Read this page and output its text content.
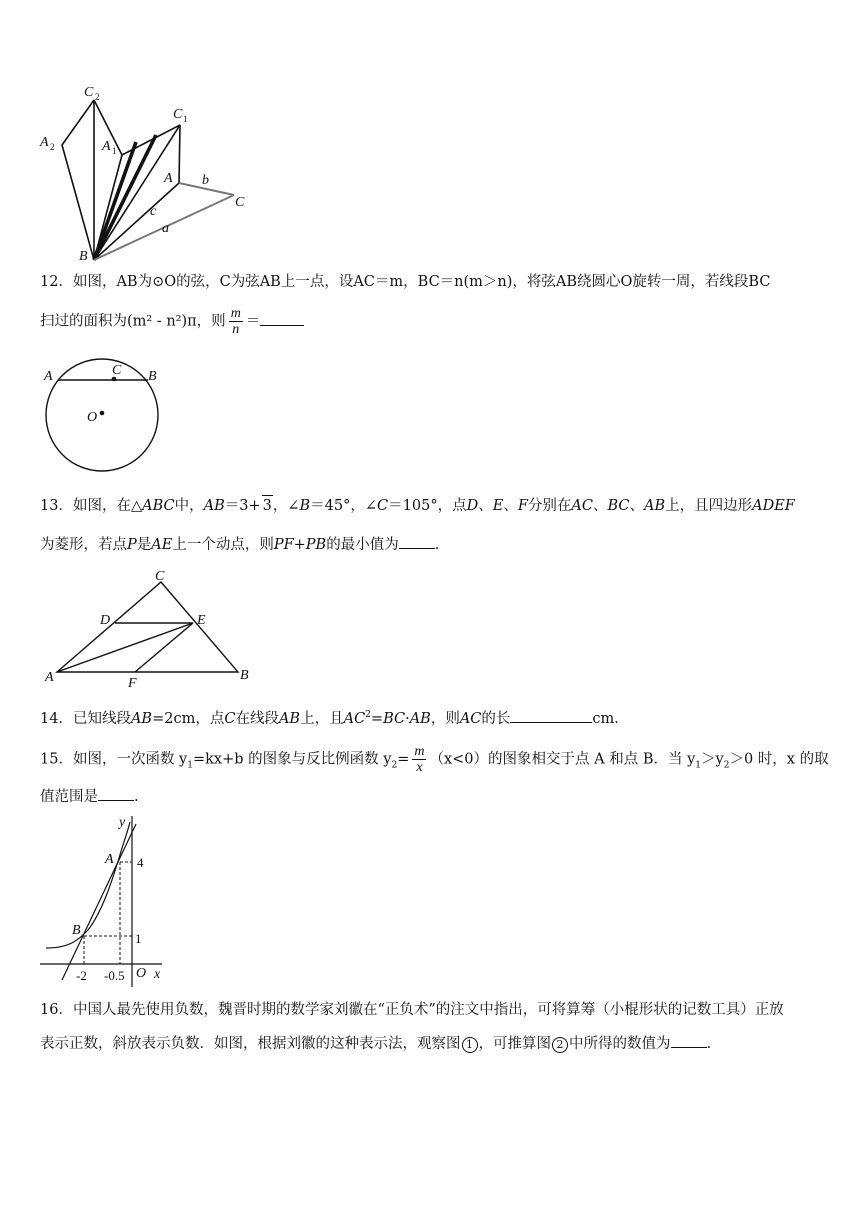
C 2
A 2	A 1
C 1
A b
C
c
a
B
12．如图，AB为⊙O的弦，C为弦AB上一点，设AC＝m，BC＝n(m＞n)，将弦AB绕圆心O旋转一周，若线段BC
扫过的面积为(m² - n²)π，则 $\frac{m}{n}$ ＝
A	C B
O
13．如图，在△ABC中，AB＝3+ 3，∠B＝45°，∠C＝105°，点D、E、F分别在AC、BC、AB上，且四边形ADEF
为菱形，若点P是AE上一个动点，则PF+PB的最小值为 .
C
D	E
A	F
B
14．已知线段AB=2cm，点C在线段AB上，且$AC^2=BC\cdot AB$，则AC的长	cm．
15．如图，一次函数 $y_1=kx+b$ 的图象与反比例函数 $y_2= \frac{m}{x} (x<0)$的图象相交于点 A 和点 B．当 $y_1>y_2>0$ 时，x 的取
值范围是 .
y
A 4
B
1
-2 -0.5 O x
16．中国人最先使用负数，魏晋时期的数学家刘徽在“正负术”的注文中指出，可将算筹（小棍形状的记数工具）正放
表示正数，斜放表示负数．如图，根据刘徽的这种表示法，观察图 1 ，可推算图 2 中所得的数值为 .
